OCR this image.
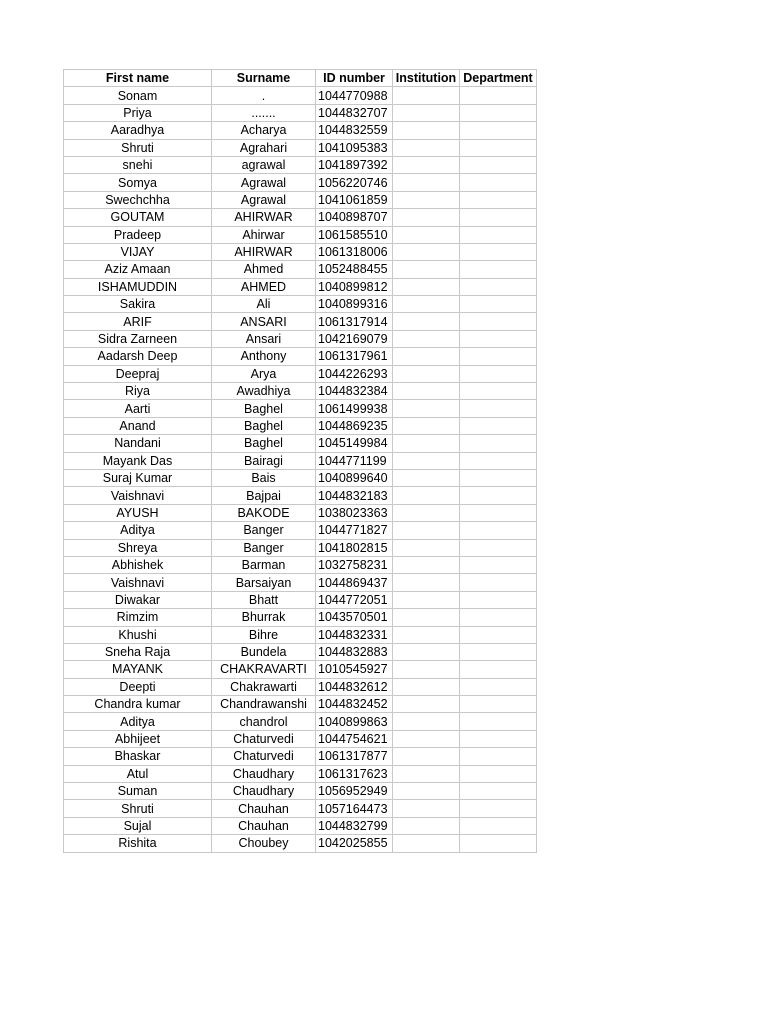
First name	Surname	ID number	Institution	Department
Sonam	.	1044770988		
Priya	.......	1044832707		
Aaradhya	Acharya	1044832559		
Shruti	Agrahari	1041095383		
snehi	agrawal	1041897392		
Somya	Agrawal	1056220746		
Swechchha	Agrawal	1041061859		
GOUTAM	AHIRWAR	1040898707		
Pradeep	Ahirwar	1061585510		
VIJAY	AHIRWAR	1061318006		
Aziz Amaan	Ahmed	1052488455		
ISHAMUDDIN	AHMED	1040899812		
Sakira	Ali	1040899316		
ARIF	ANSARI	1061317914		
Sidra Zarneen	Ansari	1042169079		
Aadarsh Deep	Anthony	1061317961		
Deepraj	Arya	1044226293		
Riya	Awadhiya	1044832384		
Aarti	Baghel	1061499938		
Anand	Baghel	1044869235		
Nandani	Baghel	1045149984		
Mayank Das	Bairagi	1044771199		
Suraj Kumar	Bais	1040899640		
Vaishnavi	Bajpai	1044832183		
AYUSH	BAKODE	1038023363		
Aditya	Banger	1044771827		
Shreya	Banger	1041802815		
Abhishek	Barman	1032758231		
Vaishnavi	Barsaiyan	1044869437		
Diwakar	Bhatt	1044772051		
Rimzim	Bhurrak	1043570501		
Khushi	Bihre	1044832331		
Sneha Raja	Bundela	1044832883		
MAYANK	CHAKRAVARTI	1010545927		
Deepti	Chakrawarti	1044832612		
Chandra kumar	Chandrawanshi	1044832452		
Aditya	chandrol	1040899863		
Abhijeet	Chaturvedi	1044754621		
Bhaskar	Chaturvedi	1061317877		
Atul	Chaudhary	1061317623		
Suman	Chaudhary	1056952949		
Shruti	Chauhan	1057164473		
Sujal	Chauhan	1044832799		
Rishita	Choubey	1042025855		
